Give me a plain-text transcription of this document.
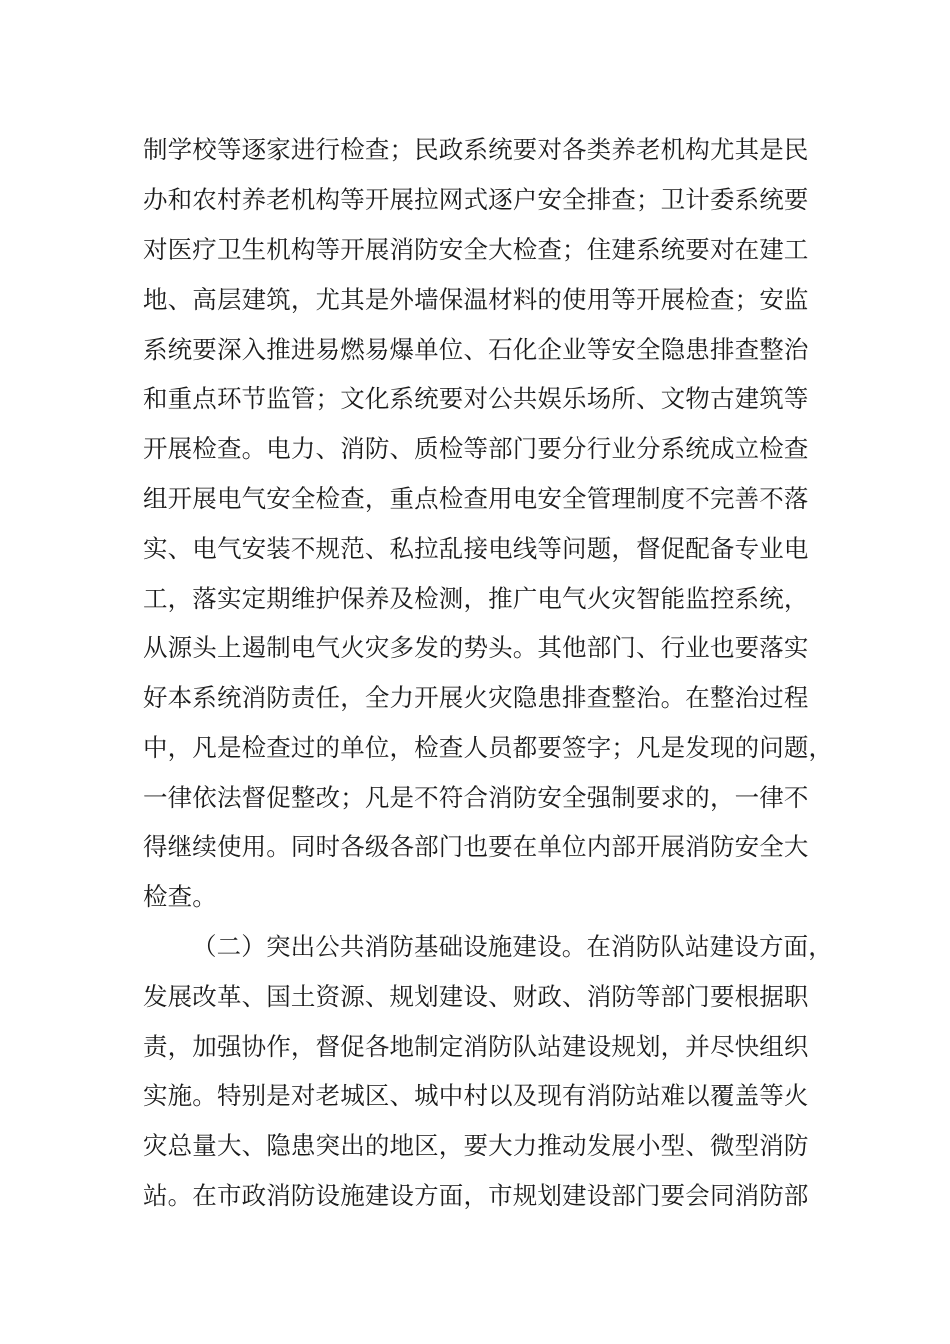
制学校等逐家进行检查；民政系统要对各类养老机构尤其是民
办和农村养老机构等开展拉网式逐户安全排查；卫计委系统要
对医疗卫生机构等开展消防安全大检查；住建系统要对在建工
地、高层建筑，尤其是外墙保温材料的使用等开展检查；安监
系统要深入推进易燃易爆单位、石化企业等安全隐患排查整治
和重点环节监管；文化系统要对公共娱乐场所、文物古建筑等
开展检查。电力、消防、质检等部门要分行业分系统成立检查
组开展电气安全检查，重点检查用电安全管理制度不完善不落
实、电气安装不规范、私拉乱接电线等问题，督促配备专业电
工，落实定期维护保养及检测，推广电气火灾智能监控系统，
从源头上遏制电气火灾多发的势头。其他部门、行业也要落实
好本系统消防责任，全力开展火灾隐患排查整治。在整治过程
中，凡是检查过的单位，检查人员都要签字；凡是发现的问题，
一律依法督促整改；凡是不符合消防安全强制要求的，一律不
得继续使用。同时各级各部门也要在单位内部开展消防安全大
检查。
（二）突出公共消防基础设施建设。在消防队站建设方面，
发展改革、国土资源、规划建设、财政、消防等部门要根据职
责，加强协作，督促各地制定消防队站建设规划，并尽快组织
实施。特别是对老城区、城中村以及现有消防站难以覆盖等火
灾总量大、隐患突出的地区，要大力推动发展小型、微型消防
站。在市政消防设施建设方面，市规划建设部门要会同消防部
